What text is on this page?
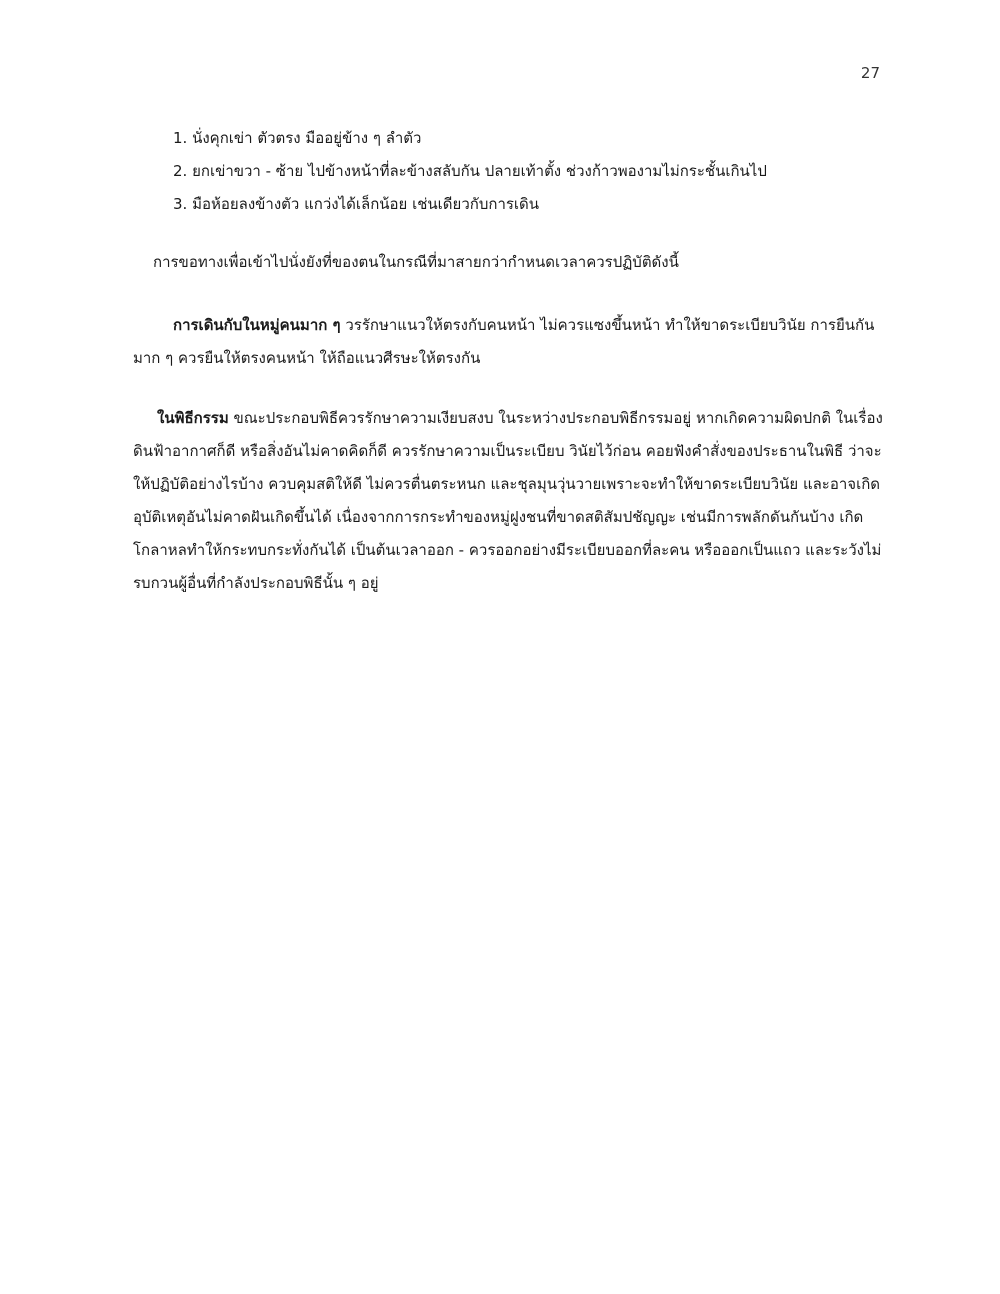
27
1. นั่งคุกเข่า ตัวตรง มืออยู่ข้าง ๆ ลำตัว
2. ยกเข่าขวา - ซ้าย ไปข้างหน้าที่ละข้างสลับกัน ปลายเท้าตั้ง ช่วงก้าวพองามไม่กระชั้นเกินไป
3. มือห้อยลงข้างตัว แกว่งได้เล็กน้อย เช่นเดียวกับการเดิน
การขอทางเพื่อเข้าไปนั่งยังที่ของตนในกรณีที่มาสายกว่ากำหนดเวลาควรปฏิบัติดังนี้
การเดินกับในหมู่คนมาก ๆ วรรักษาแนวให้ตรงกับคนหน้า ไม่ควรแซงขึ้นหน้า ทำให้ขาดระเบียบวินัย การยืนกันมาก ๆ ควรยืนให้ตรงคนหน้า ให้ถือแนวศีรษะให้ตรงกัน
ในพิธีกรรม ขณะประกอบพิธีควรรักษาความเงียบสงบ ในระหว่างประกอบพิธีกรรมอยู่ หากเกิดความผิดปกติ ในเรื่องดินฟ้าอากาศก็ดี หรือสิ่งอันไม่คาดคิดก็ดี ควรรักษาความเป็นระเบียบ วินัยไว้ก่อน คอยฟังคำสั่งของประธานในพิธี ว่าจะให้ปฏิบัติอย่างไรบ้าง ควบคุมสติให้ดี ไม่ควรตื่นตระหนก และชุลมุนวุ่นวายเพราะจะทำให้ขาดระเบียบวินัย และอาจเกิดอุบัติเหตุอันไม่คาดฝันเกิดขึ้นได้ เนื่องจากการกระทำของหมู่ฝูงชนที่ขาดสติสัมปชัญญะ เช่นมีการพลักดันกันบ้าง เกิดโกลาหลทำให้กระทบกระทั่งกันได้ เป็นต้นเวลาออก - ควรออกอย่างมีระเบียบออกที่ละคน หรือออกเป็นแถว และระวังไม่รบกวนผู้อื่นที่กำลังประกอบพิธีนั้น ๆ อยู่
